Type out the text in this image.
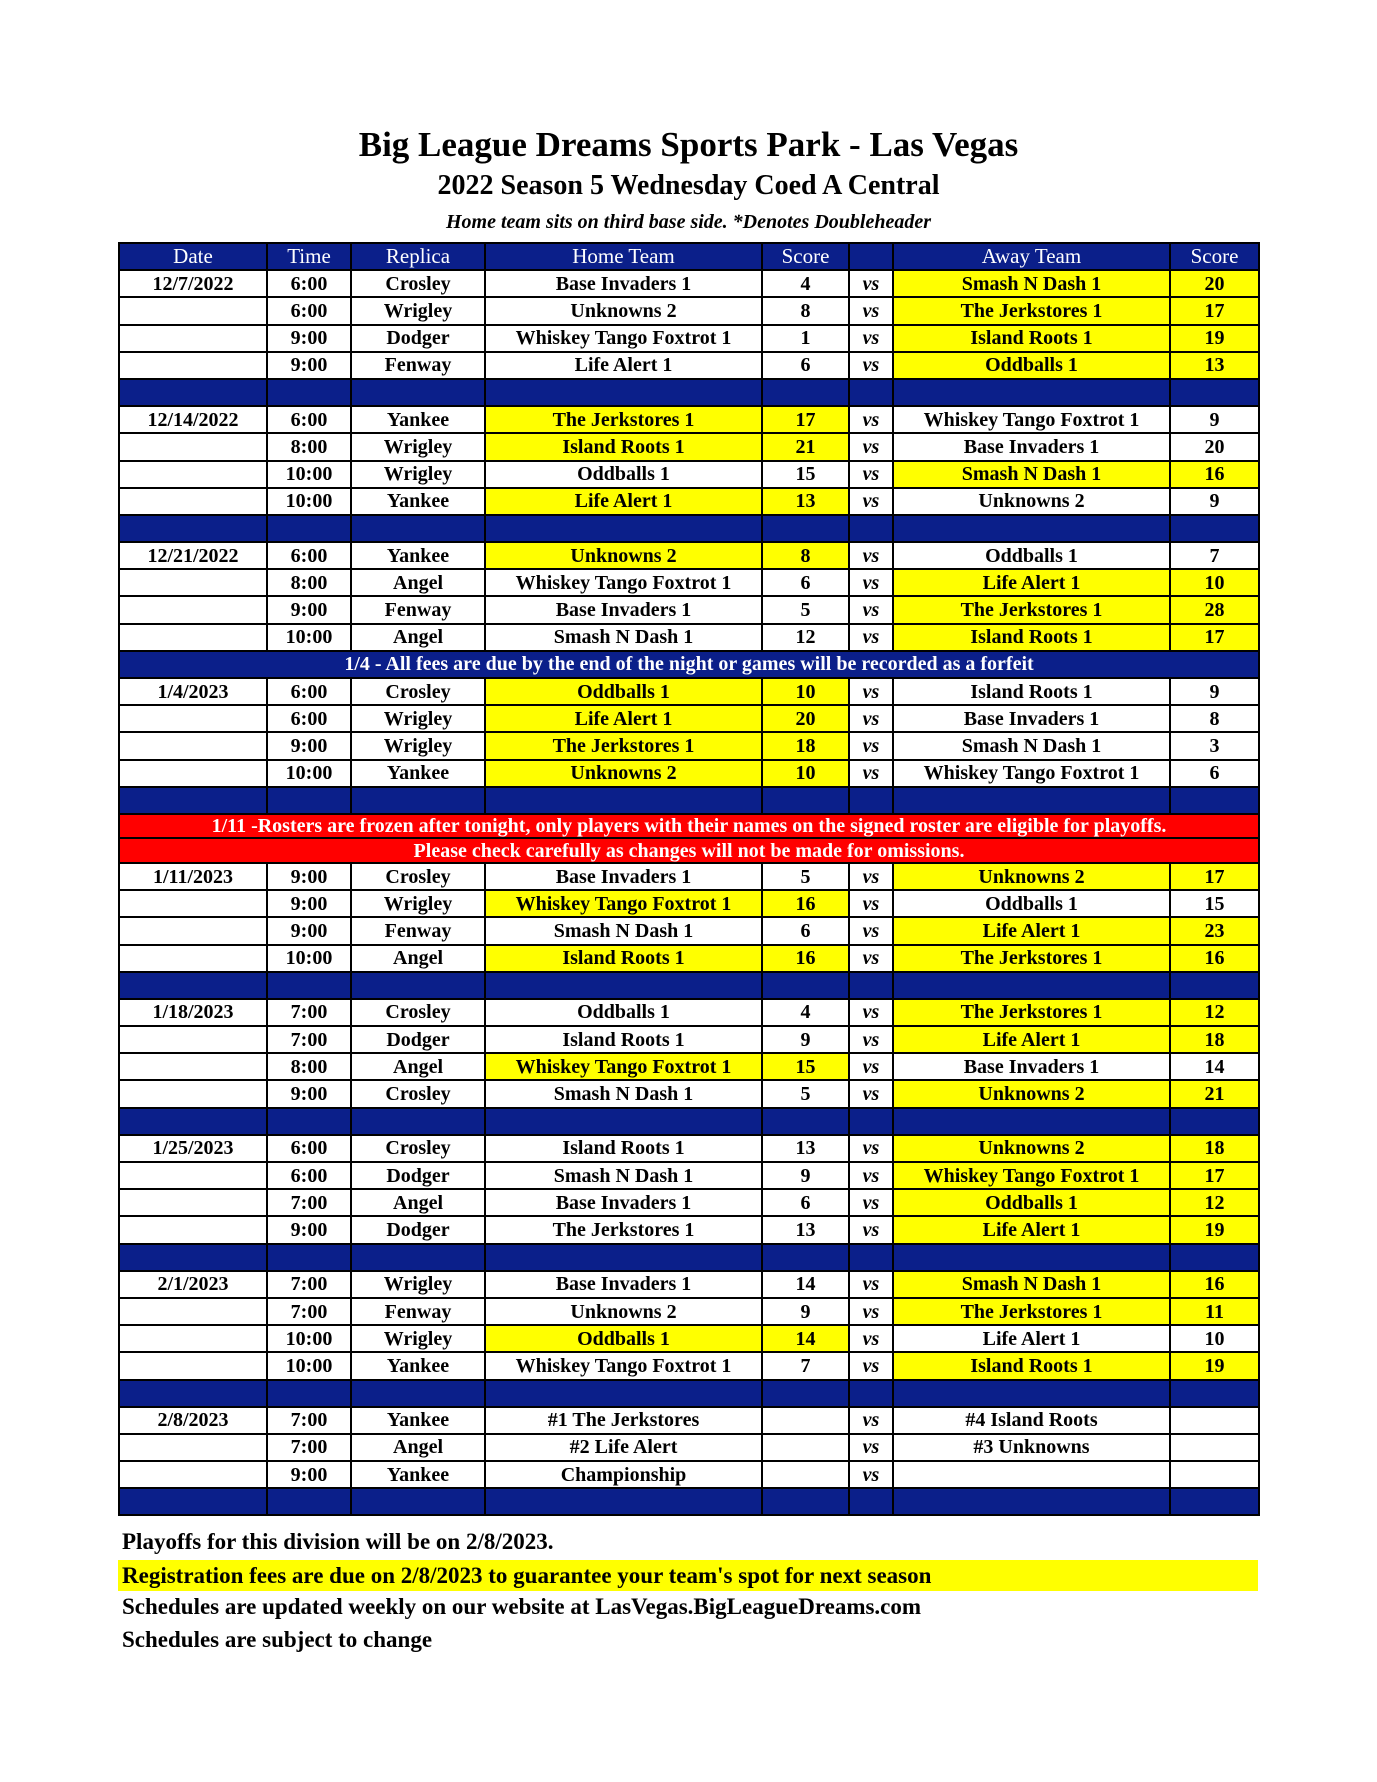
Big League Dreams Sports Park - Las Vegas
2022 Season 5 Wednesday Coed A Central
Home team sits on third base side. *Denotes Doubleheader
Date	Time	Replica	Home Team	Score		Away Team	Score
12/7/2022	6:00	Crosley	Base Invaders 1	4	vs	Smash N Dash 1	20
	6:00	Wrigley	Unknowns 2	8	vs	The Jerkstores 1	17
	9:00	Dodger	Whiskey Tango Foxtrot 1	1	vs	Island Roots 1	19
	9:00	Fenway	Life Alert 1	6	vs	Oddballs 1	13

12/14/2022	6:00	Yankee	The Jerkstores 1	17	vs	Whiskey Tango Foxtrot 1	9
	8:00	Wrigley	Island Roots 1	21	vs	Base Invaders 1	20
	10:00	Wrigley	Oddballs 1	15	vs	Smash N Dash 1	16
	10:00	Yankee	Life Alert 1	13	vs	Unknowns 2	9

12/21/2022	6:00	Yankee	Unknowns 2	8	vs	Oddballs 1	7
	8:00	Angel	Whiskey Tango Foxtrot 1	6	vs	Life Alert 1	10
	9:00	Fenway	Base Invaders 1	5	vs	The Jerkstores 1	28
	10:00	Angel	Smash N Dash 1	12	vs	Island Roots 1	17
1/4 - All fees are due by the end of the night or games will be recorded as a forfeit							
1/4/2023	6:00	Crosley	Oddballs 1	10	vs	Island Roots 1	9
	6:00	Wrigley	Life Alert 1	20	vs	Base Invaders 1	8
	9:00	Wrigley	The Jerkstores 1	18	vs	Smash N Dash 1	3
	10:00	Yankee	Unknowns 2	10	vs	Whiskey Tango Foxtrot 1	6

1/11 -Rosters are frozen after tonight, only players with their names on the signed roster are eligible for playoffs.							
Please check carefully as changes will not be made for omissions.							
1/11/2023	9:00	Crosley	Base Invaders 1	5	vs	Unknowns 2	17
	9:00	Wrigley	Whiskey Tango Foxtrot 1	16	vs	Oddballs 1	15
	9:00	Fenway	Smash N Dash 1	6	vs	Life Alert 1	23
	10:00	Angel	Island Roots 1	16	vs	The Jerkstores 1	16

1/18/2023	7:00	Crosley	Oddballs 1	4	vs	The Jerkstores 1	12
	7:00	Dodger	Island Roots 1	9	vs	Life Alert 1	18
	8:00	Angel	Whiskey Tango Foxtrot 1	15	vs	Base Invaders 1	14
	9:00	Crosley	Smash N Dash 1	5	vs	Unknowns 2	21

1/25/2023	6:00	Crosley	Island Roots 1	13	vs	Unknowns 2	18
	6:00	Dodger	Smash N Dash 1	9	vs	Whiskey Tango Foxtrot 1	17
	7:00	Angel	Base Invaders 1	6	vs	Oddballs 1	12
	9:00	Dodger	The Jerkstores 1	13	vs	Life Alert 1	19

2/1/2023	7:00	Wrigley	Base Invaders 1	14	vs	Smash N Dash 1	16
	7:00	Fenway	Unknowns 2	9	vs	The Jerkstores 1	11
	10:00	Wrigley	Oddballs 1	14	vs	Life Alert 1	10
	10:00	Yankee	Whiskey Tango Foxtrot 1	7	vs	Island Roots 1	19

2/8/2023	7:00	Yankee	#1 The Jerkstores		vs	#4 Island Roots	
	7:00	Angel	#2 Life Alert		vs	#3 Unknowns	
	9:00	Yankee	Championship		vs		

Playoffs for this division will be on 2/8/2023.
Registration fees are due on 2/8/2023 to guarantee your team's spot for next season
Schedules are updated weekly on our website at LasVegas.BigLeagueDreams.com
Schedules are subject to change
